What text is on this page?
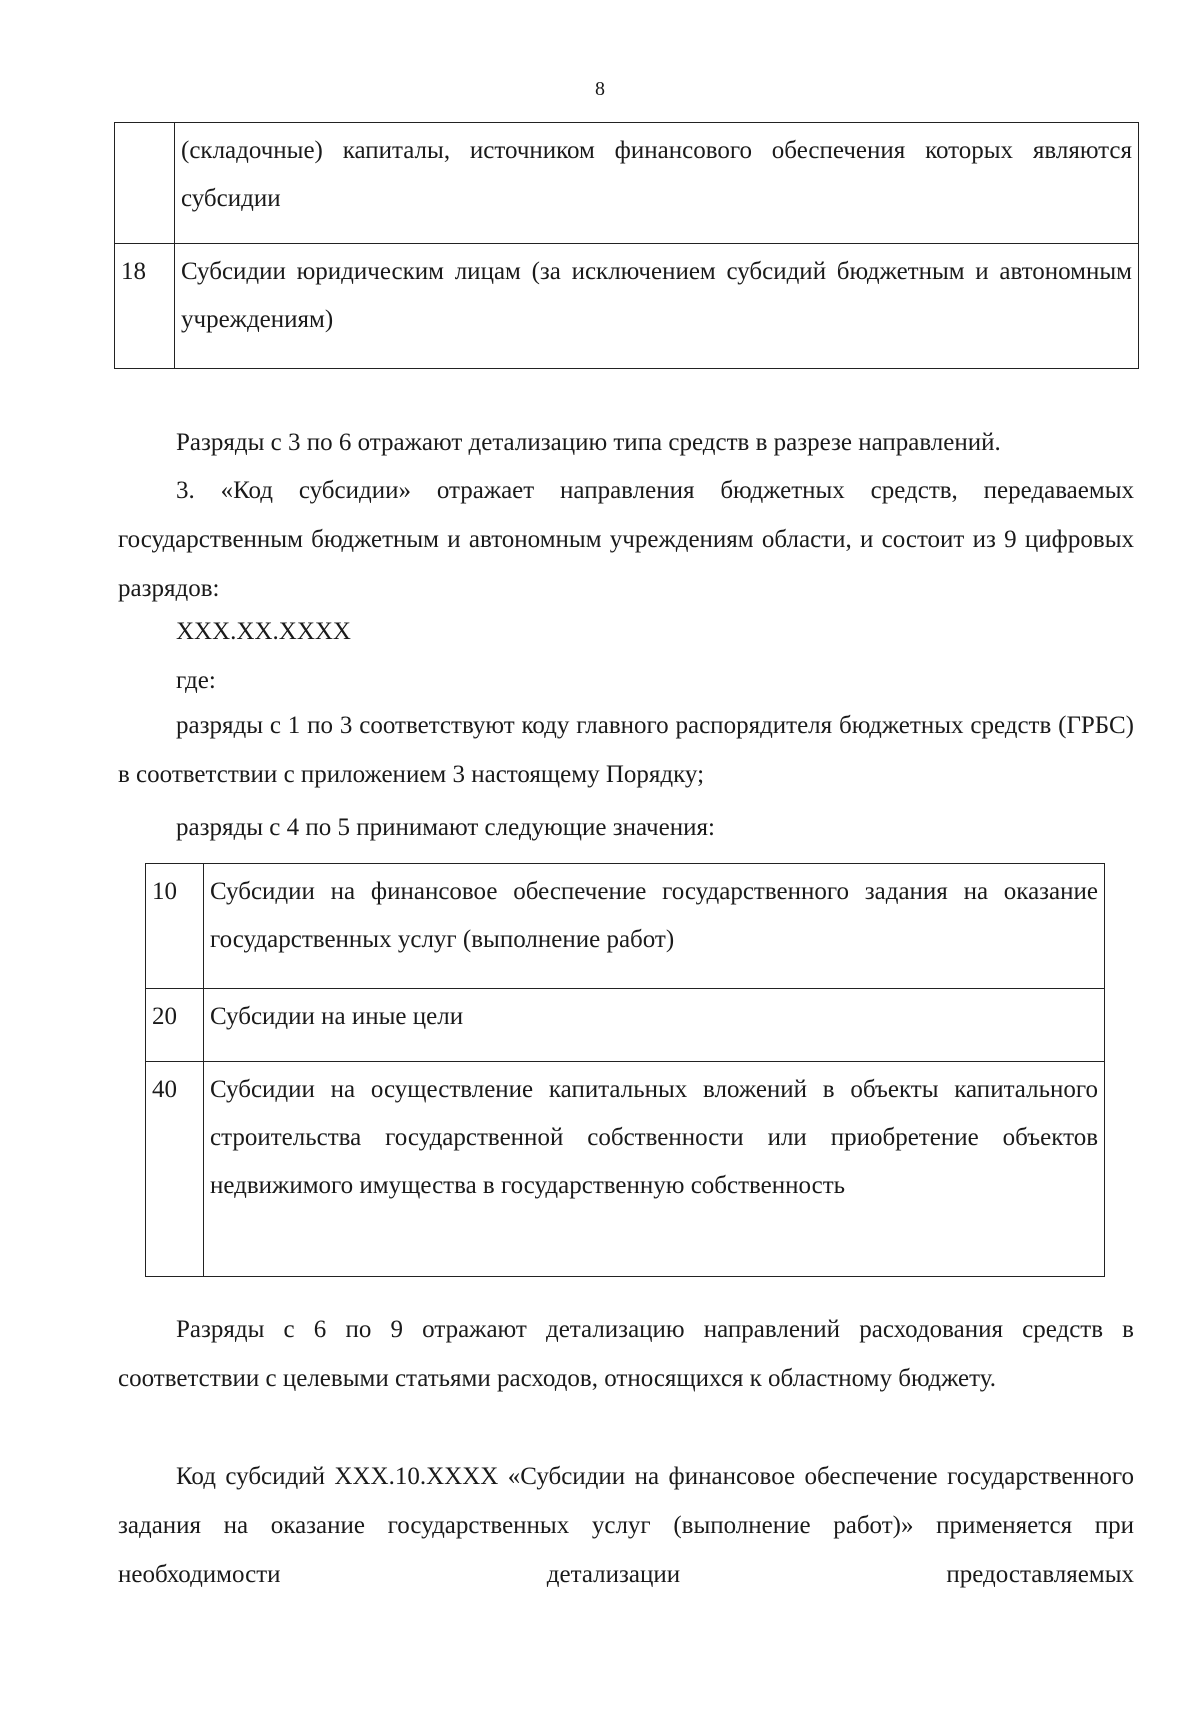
8
	(складочные) капиталы, источником финансового обеспечения которых являются субсидии
18	Субсидии юридическим лицам (за исключением субсидий бюджетным и автономным учреждениям)

Разряды с 3 по 6 отражают детализацию типа средств в разрезе направлений.

3. «Код субсидии» отражает направления бюджетных средств, передаваемых государственным бюджетным и автономным учреждениям области, и состоит из 9 цифровых разрядов:

XXX.XX.XXXX

где:

разряды с 1 по 3 соответствуют коду главного распорядителя бюджетных средств (ГРБС) в соответствии с приложением 3 настоящему Порядку;

разряды с 4 по 5 принимают следующие значения:

10	Субсидии на финансовое обеспечение государственного задания на оказание государственных услуг (выполнение работ)
20	Субсидии на иные цели
40	Субсидии на осуществление капитальных вложений в объекты капитального строительства государственной собственности или приобретение объектов недвижимого имущества в государственную собственность

Разряды с 6 по 9 отражают детализацию направлений расходования средств в соответствии с целевыми статьями расходов, относящихся к областному бюджету.

Код субсидий XXX.10.XXXX «Субсидии на финансовое обеспечение государственного задания на оказание государственных услуг (выполнение работ)» применяется при необходимости детализации предоставляемых
